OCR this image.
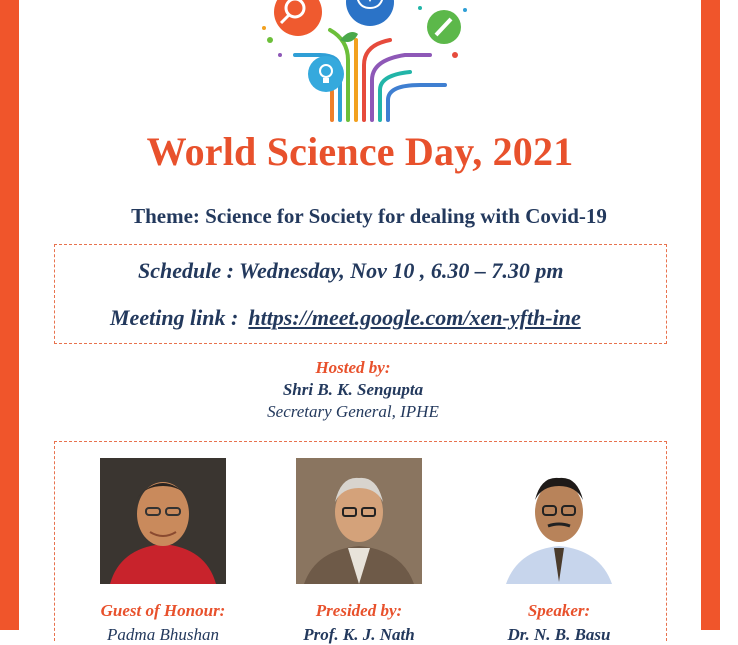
World Science Day, 2021
Theme: Science for Society for dealing with Covid-19
Schedule : Wednesday, Nov 10 , 6.30 – 7.30 pm
Meeting link : https://meet.google.com/xen-yfth-ine
Hosted by:
Shri B. K. Sengupta
Secretary General, IPHE
Guest of Honour:
Padma Bhushan
Presided by:
Prof. K. J. Nath
Speaker:
Dr. N. B. Basu
